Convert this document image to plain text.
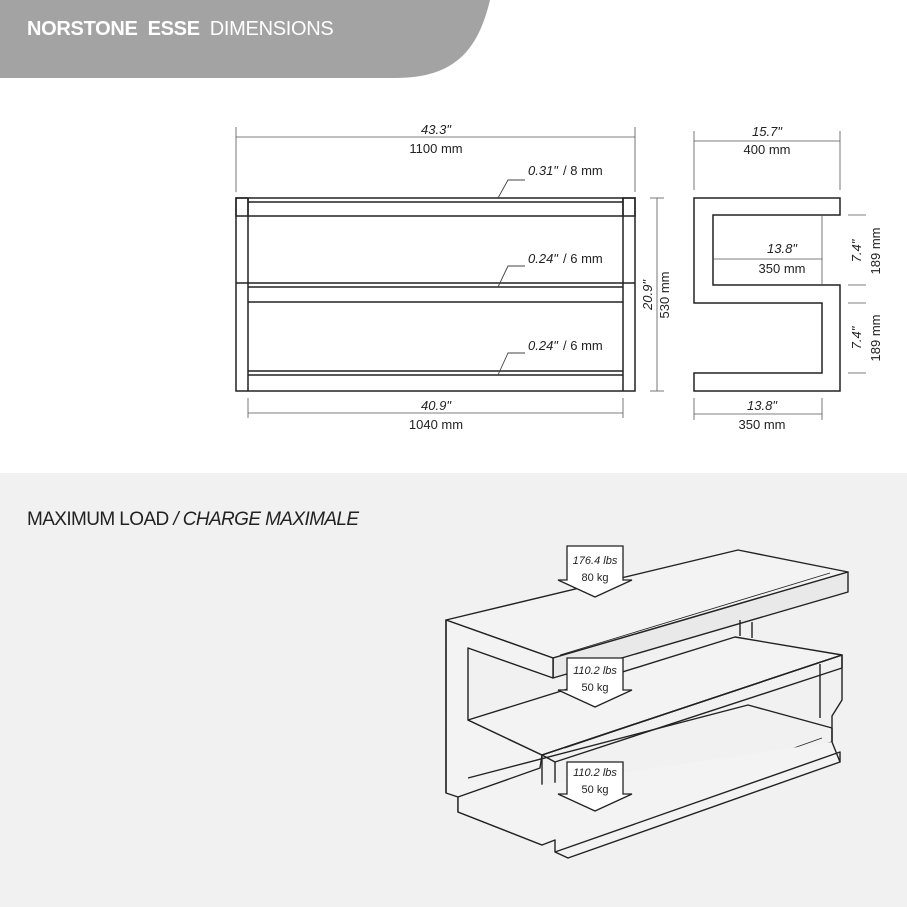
NORSTONE ESSE DIMENSIONS
MAXIMUM LOAD / CHARGE MAXIMALE
43.3"
1100 mm
0.31" / 8 mm
0.24" / 6 mm
0.24" / 6 mm
40.9"
1040 mm
20.9" 530 mm
15.7"
400 mm
13.8"
350 mm
13.8"
350 mm
7.4" 189 mm
7.4" 189 mm
176.4 lbs
80 kg
110.2 lbs
50 kg
110.2 lbs
50 kg
